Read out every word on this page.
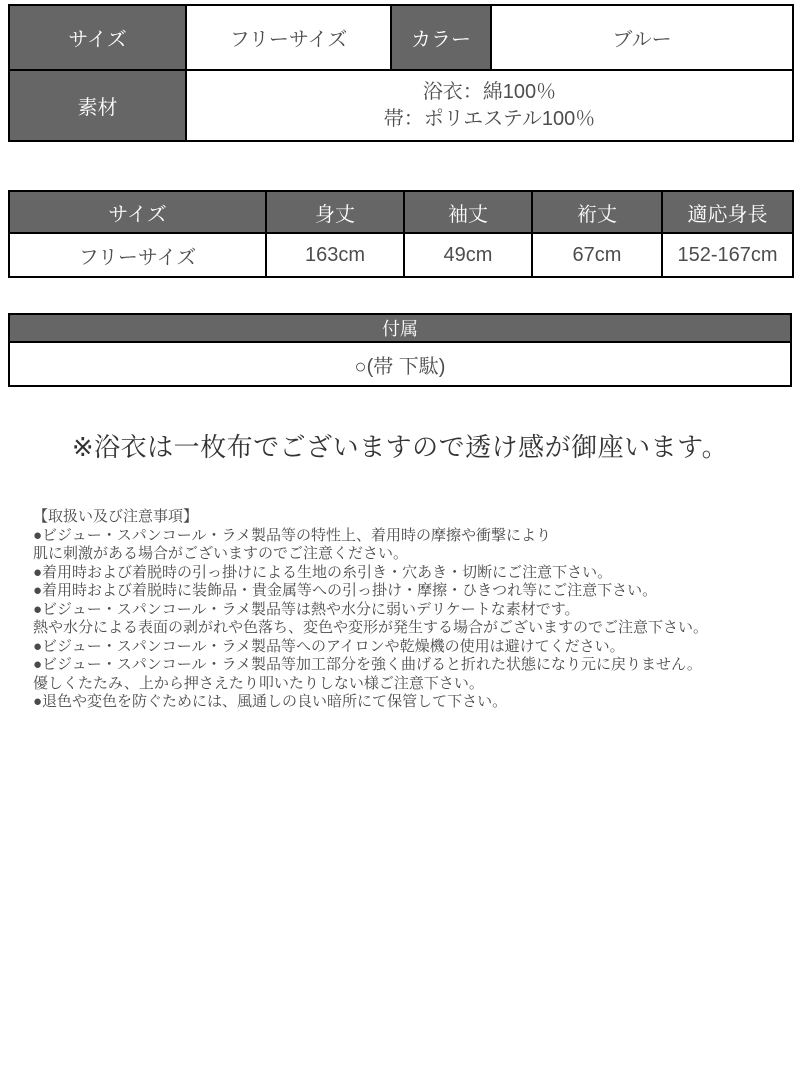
サイズ	フリーサイズ	カラー	ブルー
素材	浴衣：綿100％
帯：ポリエステル100％		
サイズ	身丈	袖丈	裄丈	適応身長
フリーサイズ	163cm	49cm	67cm	152-167cm
付属
○(帯 下駄)
※浴衣は一枚布でございますので透け感が御座います。
【取扱い及び注意事項】
●ビジュー・スパンコール・ラメ製品等の特性上、着用時の摩擦や衝撃により
肌に刺激がある場合がございますのでご注意ください。
●着用時および着脱時の引っ掛けによる生地の糸引き・穴あき・切断にご注意下さい。
●着用時および着脱時に装飾品・貴金属等への引っ掛け・摩擦・ひきつれ等にご注意下さい。
●ビジュー・スパンコール・ラメ製品等は熱や水分に弱いデリケートな素材です。
熱や水分による表面の剥がれや色落ち、変色や変形が発生する場合がございますのでご注意下さい。
●ビジュー・スパンコール・ラメ製品等へのアイロンや乾燥機の使用は避けてください。
●ビジュー・スパンコール・ラメ製品等加工部分を強く曲げると折れた状態になり元に戻りません。
優しくたたみ、上から押さえたり叩いたりしない様ご注意下さい。
●退色や変色を防ぐためには、風通しの良い暗所にて保管して下さい。
